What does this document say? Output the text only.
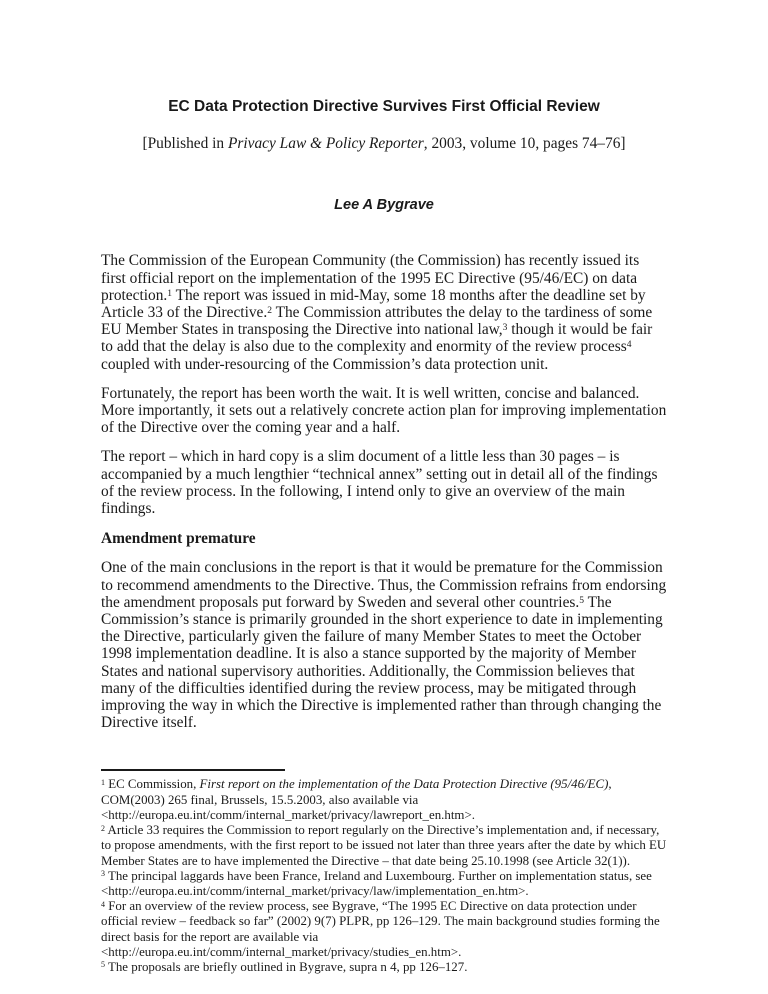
EC Data Protection Directive Survives First Official Review

[Published in Privacy Law & Policy Reporter, 2003, volume 10, pages 74–76]

Lee A Bygrave

The Commission of the European Community (the Commission) has recently issued its first official report on the implementation of the 1995 EC Directive (95/46/EC) on data protection.$^1$ The report was issued in mid-May, some 18 months after the deadline set by Article 33 of the Directive.$^2$ The Commission attributes the delay to the tardiness of some EU Member States in transposing the Directive into national law,$^3$ though it would be fair to add that the delay is also due to the complexity and enormity of the review process$^4$ coupled with under-resourcing of the Commission’s data protection unit.

Fortunately, the report has been worth the wait. It is well written, concise and balanced. More importantly, it sets out a relatively concrete action plan for improving implementation of the Directive over the coming year and a half.

The report – which in hard copy is a slim document of a little less than 30 pages – is accompanied by a much lengthier “technical annex” setting out in detail all of the findings of the review process. In the following, I intend only to give an overview of the main findings.

Amendment premature

One of the main conclusions in the report is that it would be premature for the Commission to recommend amendments to the Directive. Thus, the Commission refrains from endorsing the amendment proposals put forward by Sweden and several other countries.$^5$ The Commission’s stance is primarily grounded in the short experience to date in implementing the Directive, particularly given the failure of many Member States to meet the October 1998 implementation deadline. It is also a stance supported by the majority of Member States and national supervisory authorities. Additionally, the Commission believes that many of the difficulties identified during the review process, may be mitigated through improving the way in which the Directive is implemented rather than through changing the Directive itself.

$^1$ EC Commission, First report on the implementation of the Data Protection Directive (95/46/EC), COM(2003) 265 final, Brussels, 15.5.2003, also available via <http://europa.eu.int/comm/internal_market/privacy/lawreport_en.htm>.

$^2$ Article 33 requires the Commission to report regularly on the Directive’s implementation and, if necessary, to propose amendments, with the first report to be issued not later than three years after the date by which EU Member States are to have implemented the Directive – that date being 25.10.1998 (see Article 32(1)).

$^3$ The principal laggards have been France, Ireland and Luxembourg. Further on implementation status, see <http://europa.eu.int/comm/internal_market/privacy/law/implementation_en.htm>.

$^4$ For an overview of the review process, see Bygrave, “The 1995 EC Directive on data protection under official review – feedback so far” (2002) 9(7) PLPR, pp 126–129. The main background studies forming the direct basis for the report are available via <http://europa.eu.int/comm/internal_market/privacy/studies_en.htm>.

$^5$ The proposals are briefly outlined in Bygrave, supra n 4, pp 126–127.
